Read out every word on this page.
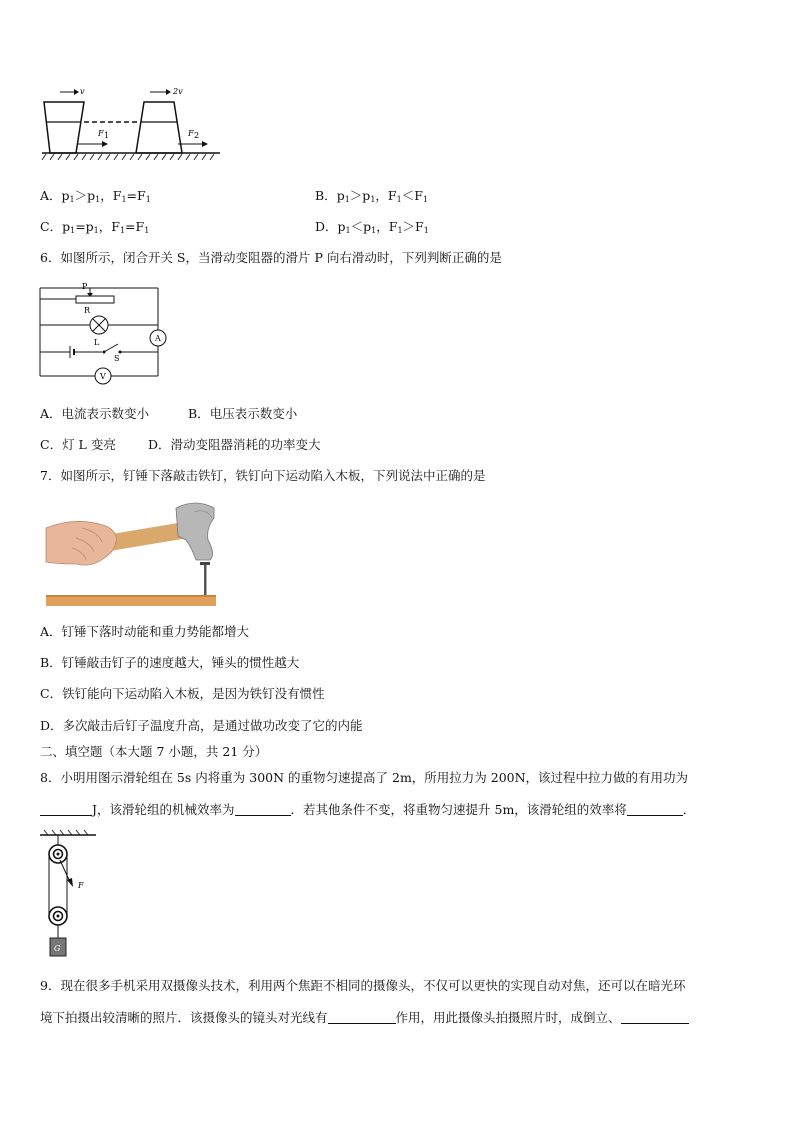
v	2v
F 1	F 2
A．$p_1>p_1$，$F_1=F_1$	B．$p_1>p_1$，$F_1<F_1$
C．$p_1=p_1$，$F_1=F_1$	D．$p_1<p_1$，$F_1>F_1$
6．如图所示，闭合开关 S，当滑动变阻器的滑片 P 向右滑动时，下列判断正确的是
P
R
L
S
A
V
A．电流表示数变小	B．电压表示数变小
C．灯 L 变亮	D．滑动变阻器消耗的功率变大
7．如图所示，钉锤下落敲击铁钉，铁钉向下运动陷入木板，下列说法中正确的是
A．钉锤下落时动能和重力势能都增大
B．钉锤敲击钉子的速度越大，锤头的惯性越大
C．铁钉能向下运动陷入木板，是因为铁钉没有惯性
D．多次敲击后钉子温度升高，是通过做功改变了它的内能
二、填空题（本大题 7 小题，共 21 分）
8．小明用图示滑轮组在 5s 内将重为 300N 的重物匀速提高了 2m，所用拉力为 200N，该过程中拉力做的有用功为
J，该滑轮组的机械效率为	．若其他条件不变，将重物匀速提升 5m，该滑轮组的效率将	．
F
G
9．现在很多手机采用双摄像头技术，利用两个焦距不相同的摄像头，不仅可以更快的实现自动对焦，还可以在暗光环
境下拍摄出较清晰的照片．该摄像头的镜头对光线有	作用，用此摄像头拍摄照片时，成倒立、
